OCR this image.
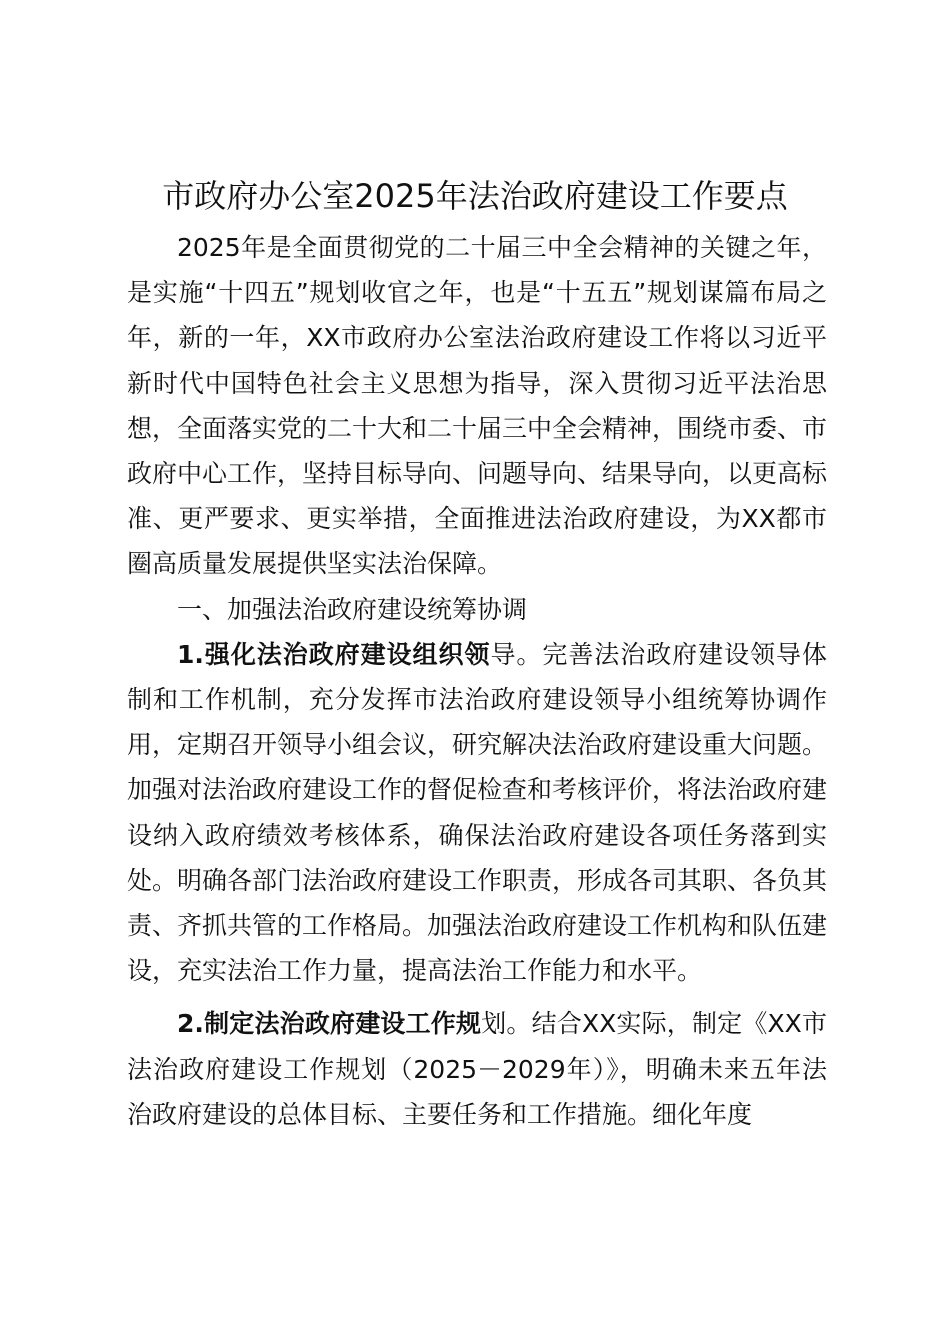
市政府办公室2025年法治政府建设工作要点

2025年是全面贯彻党的二十届三中全会精神的关键之年，是实施“十四五”规划收官之年，也是“十五五”规划谋篇布局之年，新的一年，XX市政府办公室法治政府建设工作将以习近平新时代中国特色社会主义思想为指导，深入贯彻习近平法治思想，全面落实党的二十大和二十届三中全会精神，围绕市委、市政府中心工作，坚持目标导向、问题导向、结果导向，以更高标准、更严要求、更实举措，全面推进法治政府建设，为XX都市圈高质量发展提供坚实法治保障。

一、加强法治政府建设统筹协调

1.强化法治政府建设组织领导。完善法治政府建设领导体制和工作机制，充分发挥市法治政府建设领导小组统筹协调作用，定期召开领导小组会议，研究解决法治政府建设重大问题。加强对法治政府建设工作的督促检查和考核评价，将法治政府建设纳入政府绩效考核体系，确保法治政府建设各项任务落到实处。明确各部门法治政府建设工作职责，形成各司其职、各负其责、齐抓共管的工作格局。加强法治政府建设工作机构和队伍建设，充实法治工作力量，提高法治工作能力和水平。

2.制定法治政府建设工作规划。结合XX实际，制定《XX市法治政府建设工作规划（2025－2029年）》，明确未来五年法治政府建设的总体目标、主要任务和工作措施。细化年度
